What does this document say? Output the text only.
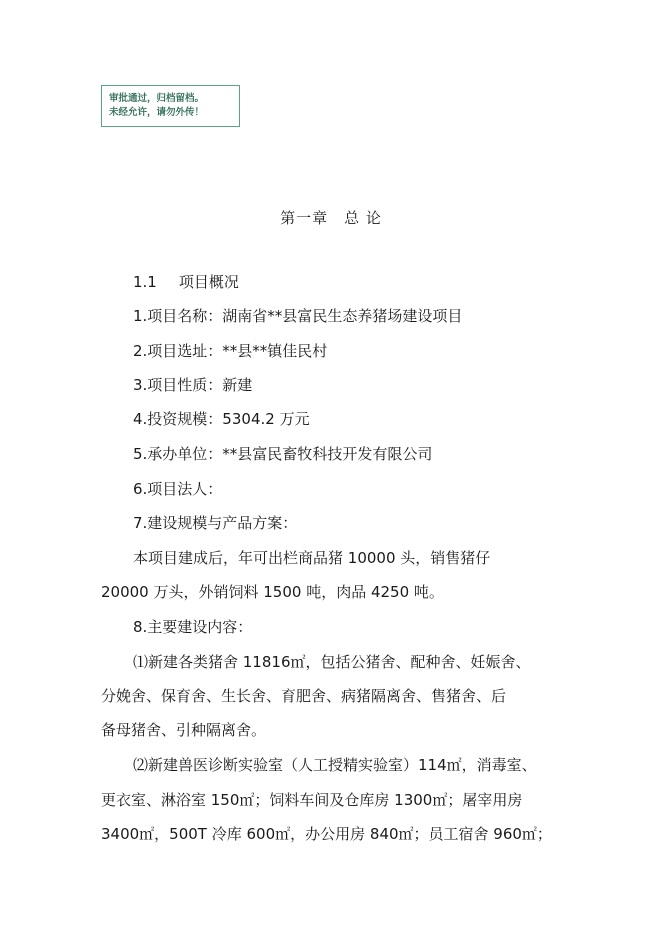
审批通过，归档留档。
未经允许，请勿外传！
第一章　总 论
1.1 项目概况
1.项目名称：湖南省**县富民生态养猪场建设项目
2.项目选址：**县**镇佳民村
3.项目性质：新建
4.投资规模：5304.2 万元
5.承办单位：**县富民畜牧科技开发有限公司
6.项目法人：
7.建设规模与产品方案：
本项目建成后，年可出栏商品猪 10000 头，销售猪仔
20000 万头，外销饲料 1500 吨，肉品 4250 吨。
8.主要建设内容：
⑴新建各类猪舍 11816㎡，包括公猪舍、配种舍、妊娠舍、
分娩舍、保育舍、生长舍、育肥舍、病猪隔离舍、售猪舍、后
备母猪舍、引种隔离舍。
⑵新建兽医诊断实验室（人工授精实验室）114㎡，消毒室、
更衣室、淋浴室 150㎡；饲料车间及仓库房 1300㎡；屠宰用房
3400㎡，500T 冷库 600㎡，办公用房 840㎡；员工宿舍 960㎡；
